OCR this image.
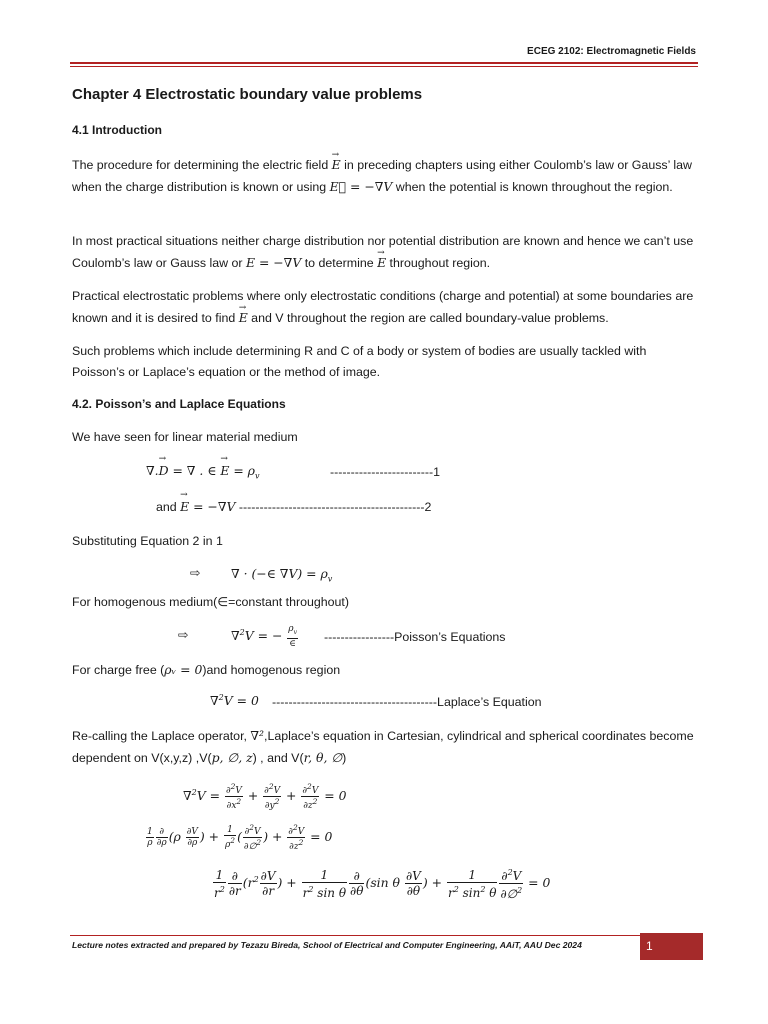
ECEG 2102: Electromagnetic Fields
Chapter 4 Electrostatic boundary value problems
4.1 Introduction

The procedure for determining the electric field → E in preceding chapters using either Coulomb’s law or Gauss’ law when the charge distribution is known or using E⃗ = −∇V when the potential is known throughout the region.

In most practical situations neither charge distribution nor potential distribution are known and hence we can’t use Coulomb’s law or Gauss law or E = −∇V to determine → E throughout region.

Practical electrostatic problems where only electrostatic conditions (charge and potential) at some boundaries are known and it is desired to find → E and V throughout the region are called boundary-value problems.

Such problems which include determining R and C of a body or system of bodies are usually tackled with Poisson’s or Laplace’s equation or the method of image.

4.2. Poisson’s and Laplace Equations

We have seen for linear material medium

∇.→ D = ∇ . ∈ → $E = \rho_v$	-------------------------1
and → E = −∇V ---------------------------------------------2

Substituting Equation 2 in 1

⇨ ∇ · (−∈ $\nabla V) = \rho_v$

For homogenous medium(∈=constant throughout)

⇨	∇$^2$V = − $\frac{\rho_v}{\in}$ -----------------Poisson’s Equations

For charge free (ρᵥ = 0)and homogenous region

∇$^2$V = 0 ----------------------------------------Laplace’s Equation

Re-calling the Laplace operator, ∇²,Laplace’s equation in Cartesian, cylindrical and spherical coordinates become dependent on V(x,y,z) ,V(p, ∅, z) , and V(r, θ, ∅)

$\nabla^2V = \frac{\partial^2V}{\partial x^2} + \frac{\partial^2V}{\partial y^2} + \frac{\partial^2V}{\partial z^2} = 0$
$\frac{1}{\rho} \frac{\partial}{\partial\rho} (\rho \frac{\partial V}{\partial\rho}$ ) + $\frac{1}{\rho^2}$ ( $\frac{\partial^2V}{\partial\emptyset^2}$ ) + $\frac{\partial^2V}{\partial z^2} = 0$
$\frac{1}{r^2} \frac{\partial}{\partial r} (r^2 \frac{\partial V}{\partial r}$ ) + $\frac{1}{r^2 \sin \theta} \frac{\partial}{\partial\theta} (\sin$ θ $\frac{\partial V}{\partial\theta}$ ) + $\frac{1}{r^2 \sin^2 \theta} \frac{\partial^2V}{\partial\emptyset^2} = 0$
Lecture notes extracted and prepared by Tezazu Bireda, School of Electrical and Computer Engineering, AAiT, AAU Dec 2024	1
